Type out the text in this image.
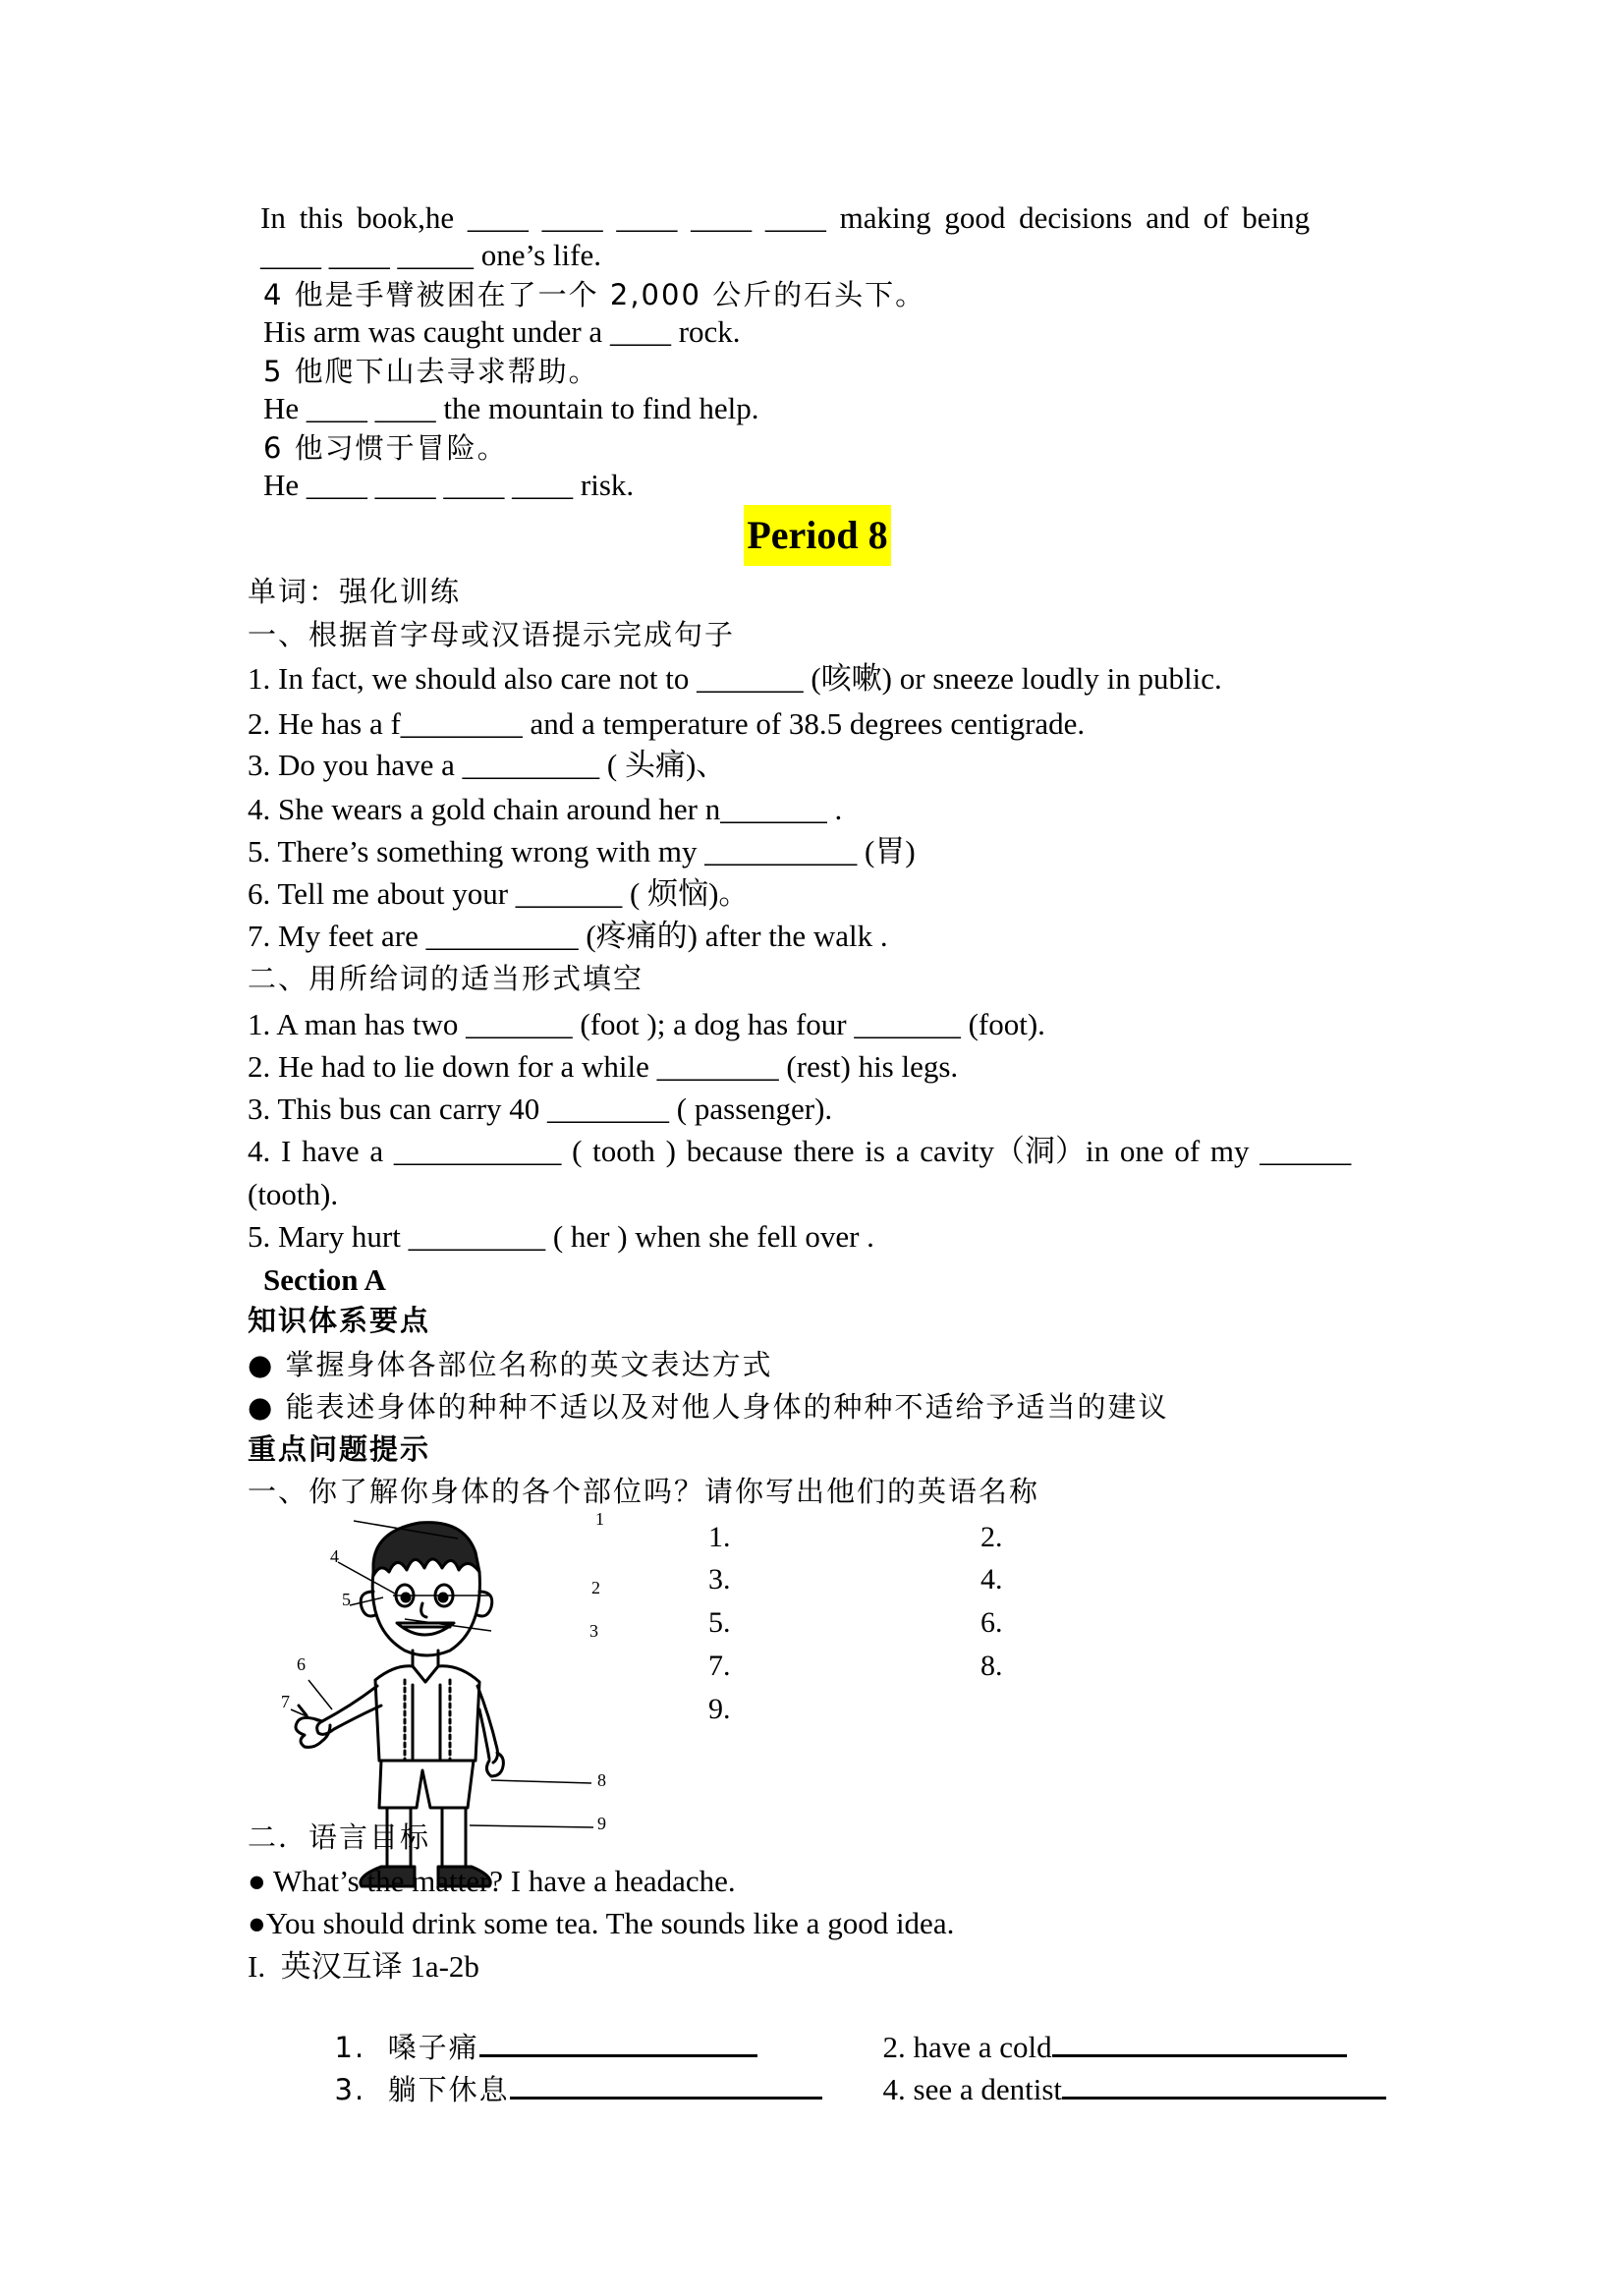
In this book,he ____ ____ ____ ____ ____ making good decisions and of being
____ ____ _____ one’s life.
4 他是手臂被困在了一个 2,000 公斤的石头下。
His arm was caught under a ____ rock.
5 他爬下山去寻求帮助。
He ____ ____ the mountain to find help.
6 他习惯于冒险。
He ____ ____ ____ ____ risk.
Period 8
单词：强化训练
一、根据首字母或汉语提示完成句子
1. In fact, we should also care not to _______ (咳嗽) or sneeze loudly in public.
2. He has a f________ and a temperature of 38.5 degrees centigrade.
3. Do you have a _________ ( 头痛)、
4. She wears a gold chain around her n_______ .
5. There’s something wrong with my __________ (胃)
6. Tell me about your _______ ( 烦恼)。
7. My feet are __________ (疼痛的) after the walk .
二、用所给词的适当形式填空
1. A man has two _______ (foot ); a dog has four _______ (foot).
2. He had to lie down for a while ________ (rest) his legs.
3. This bus can carry 40 ________ ( passenger).
4. I have a ___________ ( tooth ) because there is a cavity（洞）in one of my ______
(tooth).
5. Mary hurt _________ ( her ) when she fell over .
Section A
知识体系要点
● 掌握身体各部位名称的英文表达方式
● 能表述身体的种种不适以及对他人身体的种种不适给予适当的建议
重点问题提示
一、你了解你身体的各个部位吗？请你写出他们的英语名称
1
2
3
4
5
6
7
8
9
1.	2.
3.	4.
5.	6.
7.	8.
9.
二．语言目标
● What’s the matter? I have a headache.
●You should drink some tea. The sounds like a good idea.
I.  英汉互译 1a-2b

1.  嗓子痛	2. have a cold

3.  躺下休息	4. see a dentist
